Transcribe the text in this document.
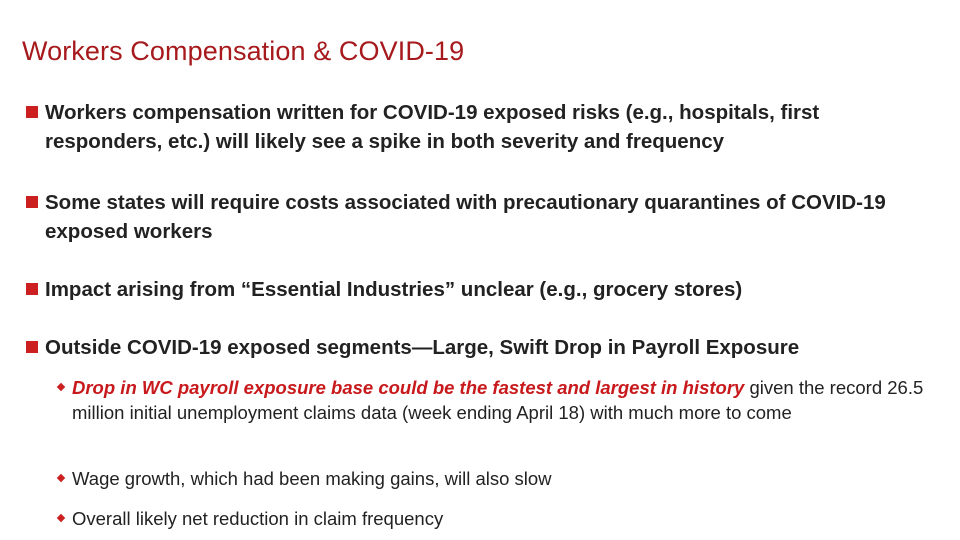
Workers Compensation & COVID-19
Workers compensation written for COVID-19 exposed risks (e.g., hospitals, first responders, etc.) will likely see a spike in both severity and frequency
Some states will require costs associated with precautionary quarantines of COVID-19 exposed workers
Impact arising from “Essential Industries” unclear (e.g., grocery stores)
Outside COVID-19 exposed segments—Large, Swift Drop in Payroll Exposure
Drop in WC payroll exposure base could be the fastest and largest in history given the record 26.5 million initial unemployment claims data (week ending April 18) with much more to come
Wage growth, which had been making gains, will also slow
Overall likely net reduction in claim frequency
